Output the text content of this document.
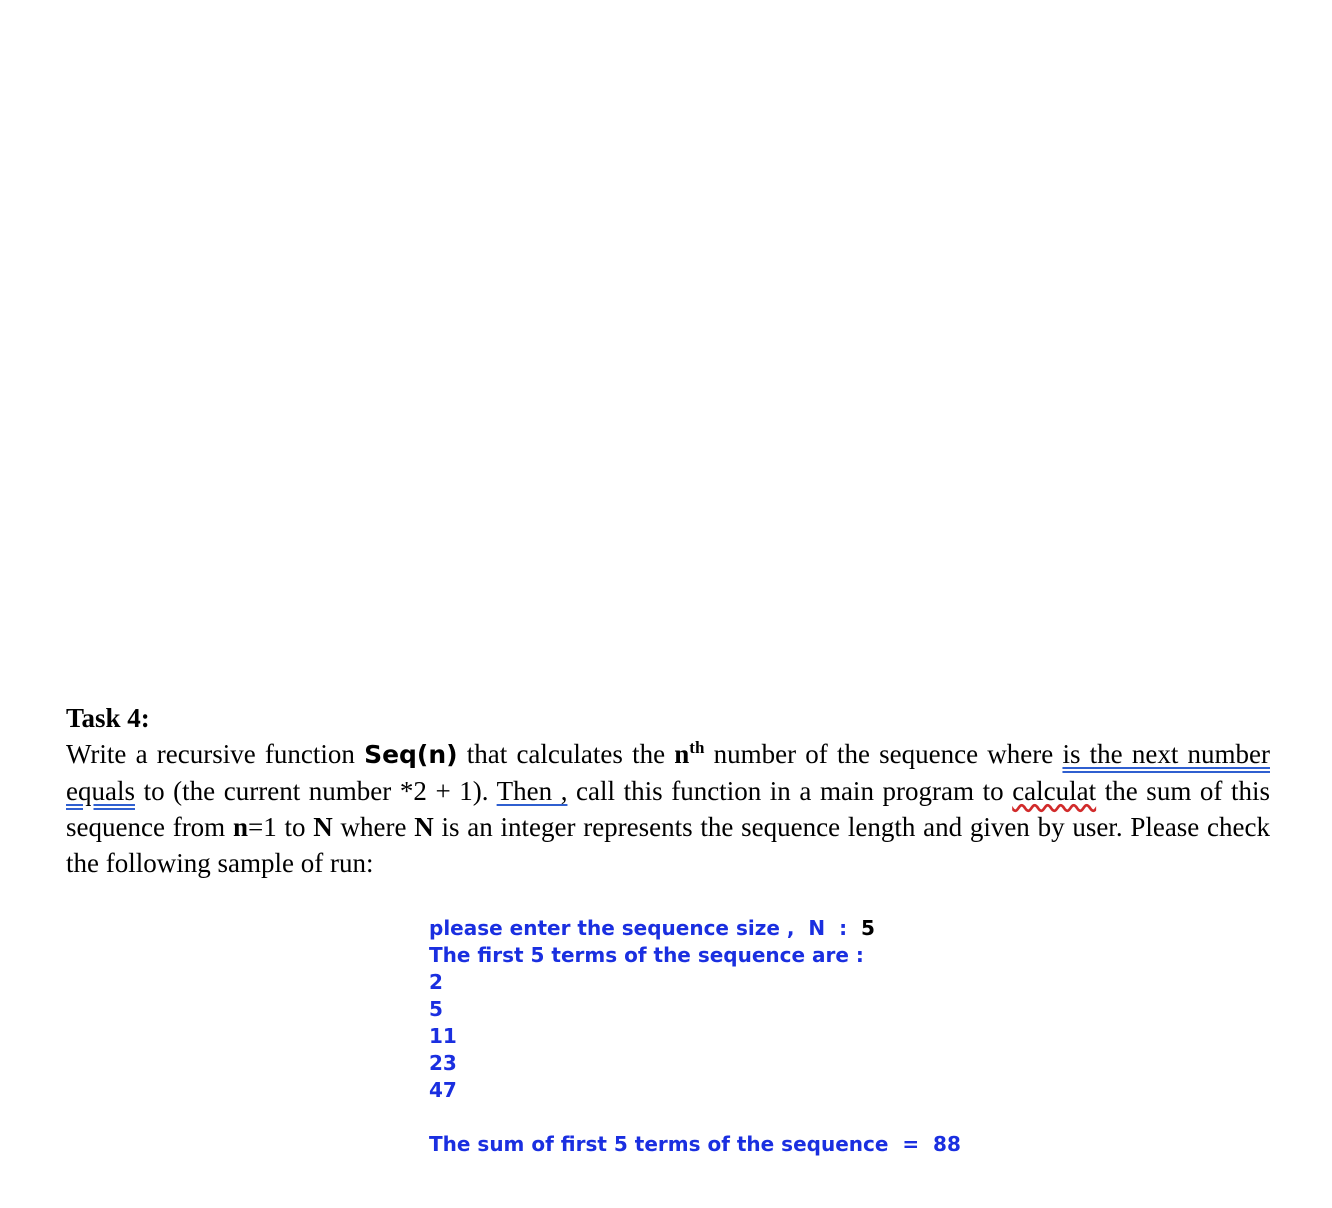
Task 4:

Write a recursive function Seq(n) that calculates the $n^{th}$ number of the sequence where is the next number equals to (the current number *2 + 1). Then , call this function in a main program to calculat the sum of this sequence from n=1 to N where N is an integer represents the sequence length and given by user. Please check the following sample of run:

please enter the sequence size ,  N  :  5
The first 5 terms of the sequence are :
2
5
11
23
47
The sum of first 5 terms of the sequence  =  88
